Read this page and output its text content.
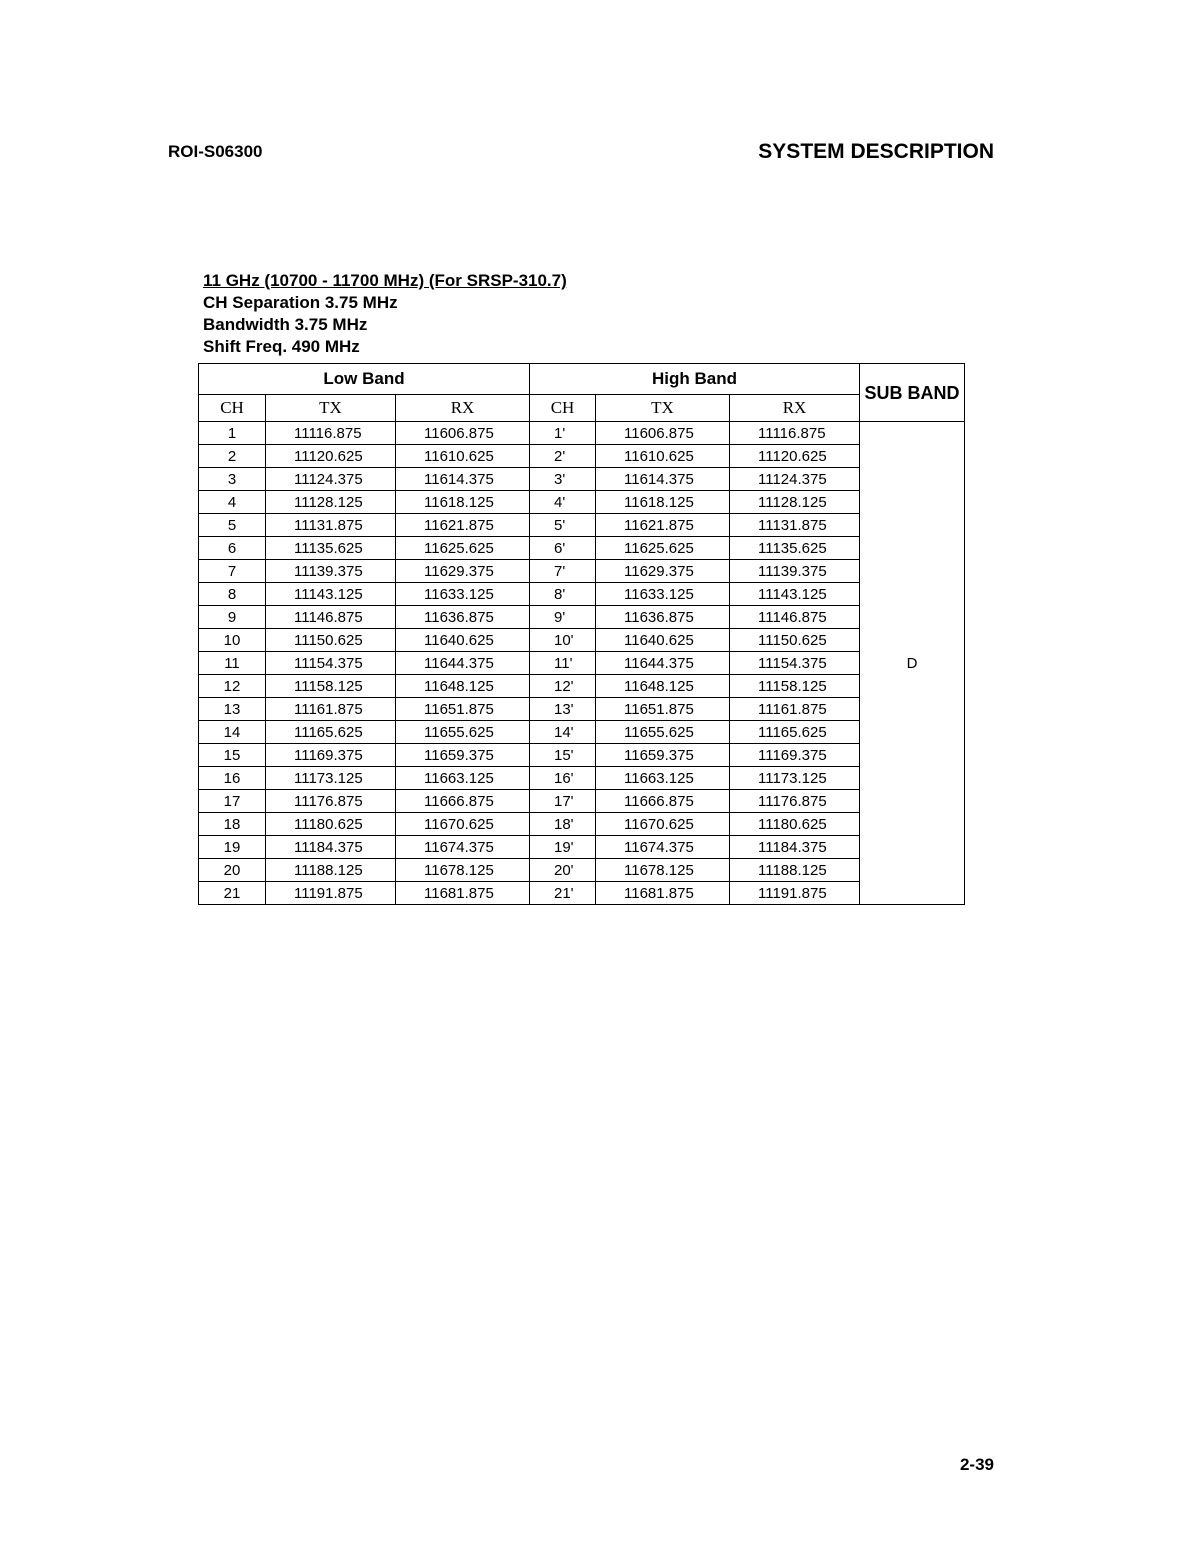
ROI-S06300	SYSTEM DESCRIPTION
11 GHz (10700 - 11700 MHz) (For SRSP-310.7)
CH Separation 3.75 MHz
Bandwidth 3.75 MHz
Shift Freq. 490 MHz
Low Band			High Band			SUB BAND
CH	TX	RX	CH	TX	RX	
1	11116.875	11606.875	1'	11606.875	11116.875	D
2	11120.625	11610.625	2'	11610.625	11120.625	
3	11124.375	11614.375	3'	11614.375	11124.375	
4	11128.125	11618.125	4'	11618.125	11128.125	
5	11131.875	11621.875	5'	11621.875	11131.875	
6	11135.625	11625.625	6'	11625.625	11135.625	
7	11139.375	11629.375	7'	11629.375	11139.375	
8	11143.125	11633.125	8'	11633.125	11143.125	
9	11146.875	11636.875	9'	11636.875	11146.875	
10	11150.625	11640.625	10'	11640.625	11150.625	
11	11154.375	11644.375	11'	11644.375	11154.375	
12	11158.125	11648.125	12'	11648.125	11158.125	
13	11161.875	11651.875	13'	11651.875	11161.875	
14	11165.625	11655.625	14'	11655.625	11165.625	
15	11169.375	11659.375	15'	11659.375	11169.375	
16	11173.125	11663.125	16'	11663.125	11173.125	
17	11176.875	11666.875	17'	11666.875	11176.875	
18	11180.625	11670.625	18'	11670.625	11180.625	
19	11184.375	11674.375	19'	11674.375	11184.375	
20	11188.125	11678.125	20'	11678.125	11188.125	
21	11191.875	11681.875	21'	11681.875	11191.875	
2-39
